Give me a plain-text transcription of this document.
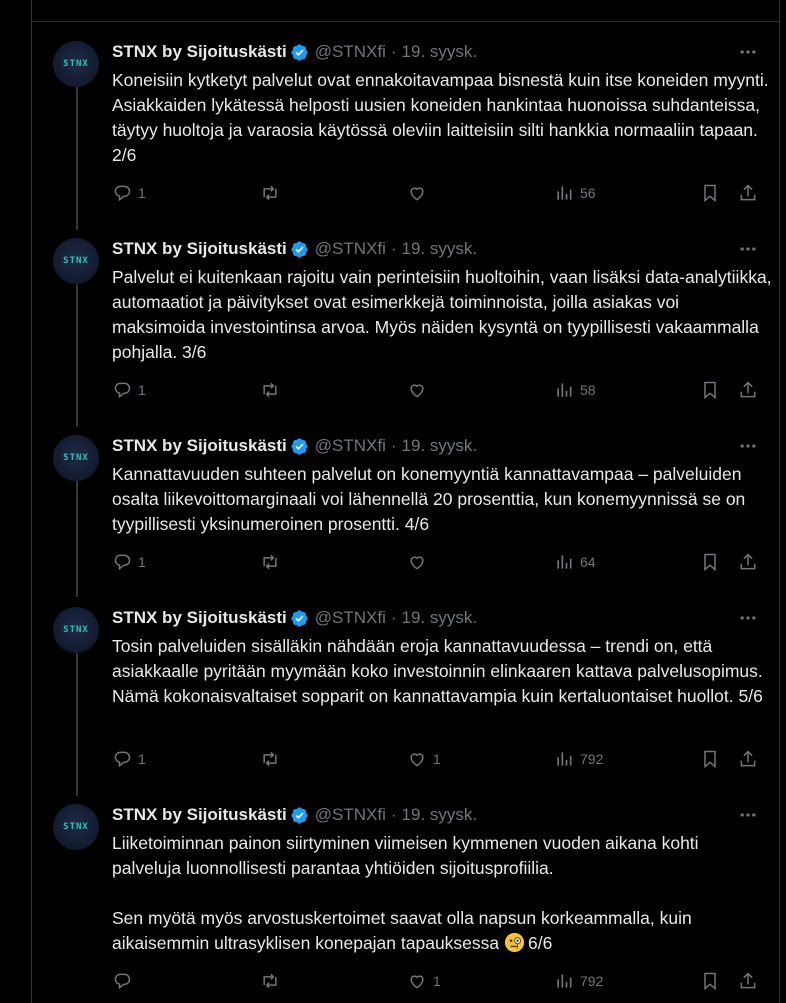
STNX
STNX by Sijoituskästi @STNXfi · 19. syysk.
Koneisiin kytketyt palvelut ovat ennakoitavampaa bisnestä kuin itse koneiden myynti. Asiakkaiden lykätessä helposti uusien koneiden hankintaa huonoissa suhdanteissa, täytyy huoltoja ja varaosia käytössä oleviin laitteisiin silti hankkia normaaliin tapaan. 2/6
1	56
STNX
STNX by Sijoituskästi @STNXfi · 19. syysk.
Palvelut ei kuitenkaan rajoitu vain perinteisiin huoltoihin, vaan lisäksi data-analytiikka, automaatiot ja päivitykset ovat esimerkkejä toiminnoista, joilla asiakas voi maksimoida investointinsa arvoa. Myös näiden kysyntä on tyypillisesti vakaammalla pohjalla. 3/6
1	58
STNX
STNX by Sijoituskästi @STNXfi · 19. syysk.
Kannattavuuden suhteen palvelut on konemyyntiä kannattavampaa – palveluiden osalta liikevoittomarginaali voi lähennellä 20 prosenttia, kun konemyynnissä se on tyypillisesti yksinumeroinen prosentti. 4/6
1	64
STNX
STNX by Sijoituskästi @STNXfi · 19. syysk.
Tosin palveluiden sisälläkin nähdään eroja kannattavuudessa – trendi on, että asiakkaalle pyritään myymään koko investoinnin elinkaaren kattava palvelusopimus. Nämä kokonaisvaltaiset sopparit on kannattavampia kuin kertaluontaiset huollot. 5/6
1	1	792
STNX
STNX by Sijoituskästi @STNXfi · 19. syysk.
Liiketoiminnan painon siirtyminen viimeisen kymmenen vuoden aikana kohti palveluja luonnollisesti parantaa yhtiöiden sijoitusprofiilia.

Sen myötä myös arvostuskertoimet saavat olla napsun korkeammalla, kuin aikaisemmin ultrasyklisen konepajan tapauksessa 6/6
1	792
